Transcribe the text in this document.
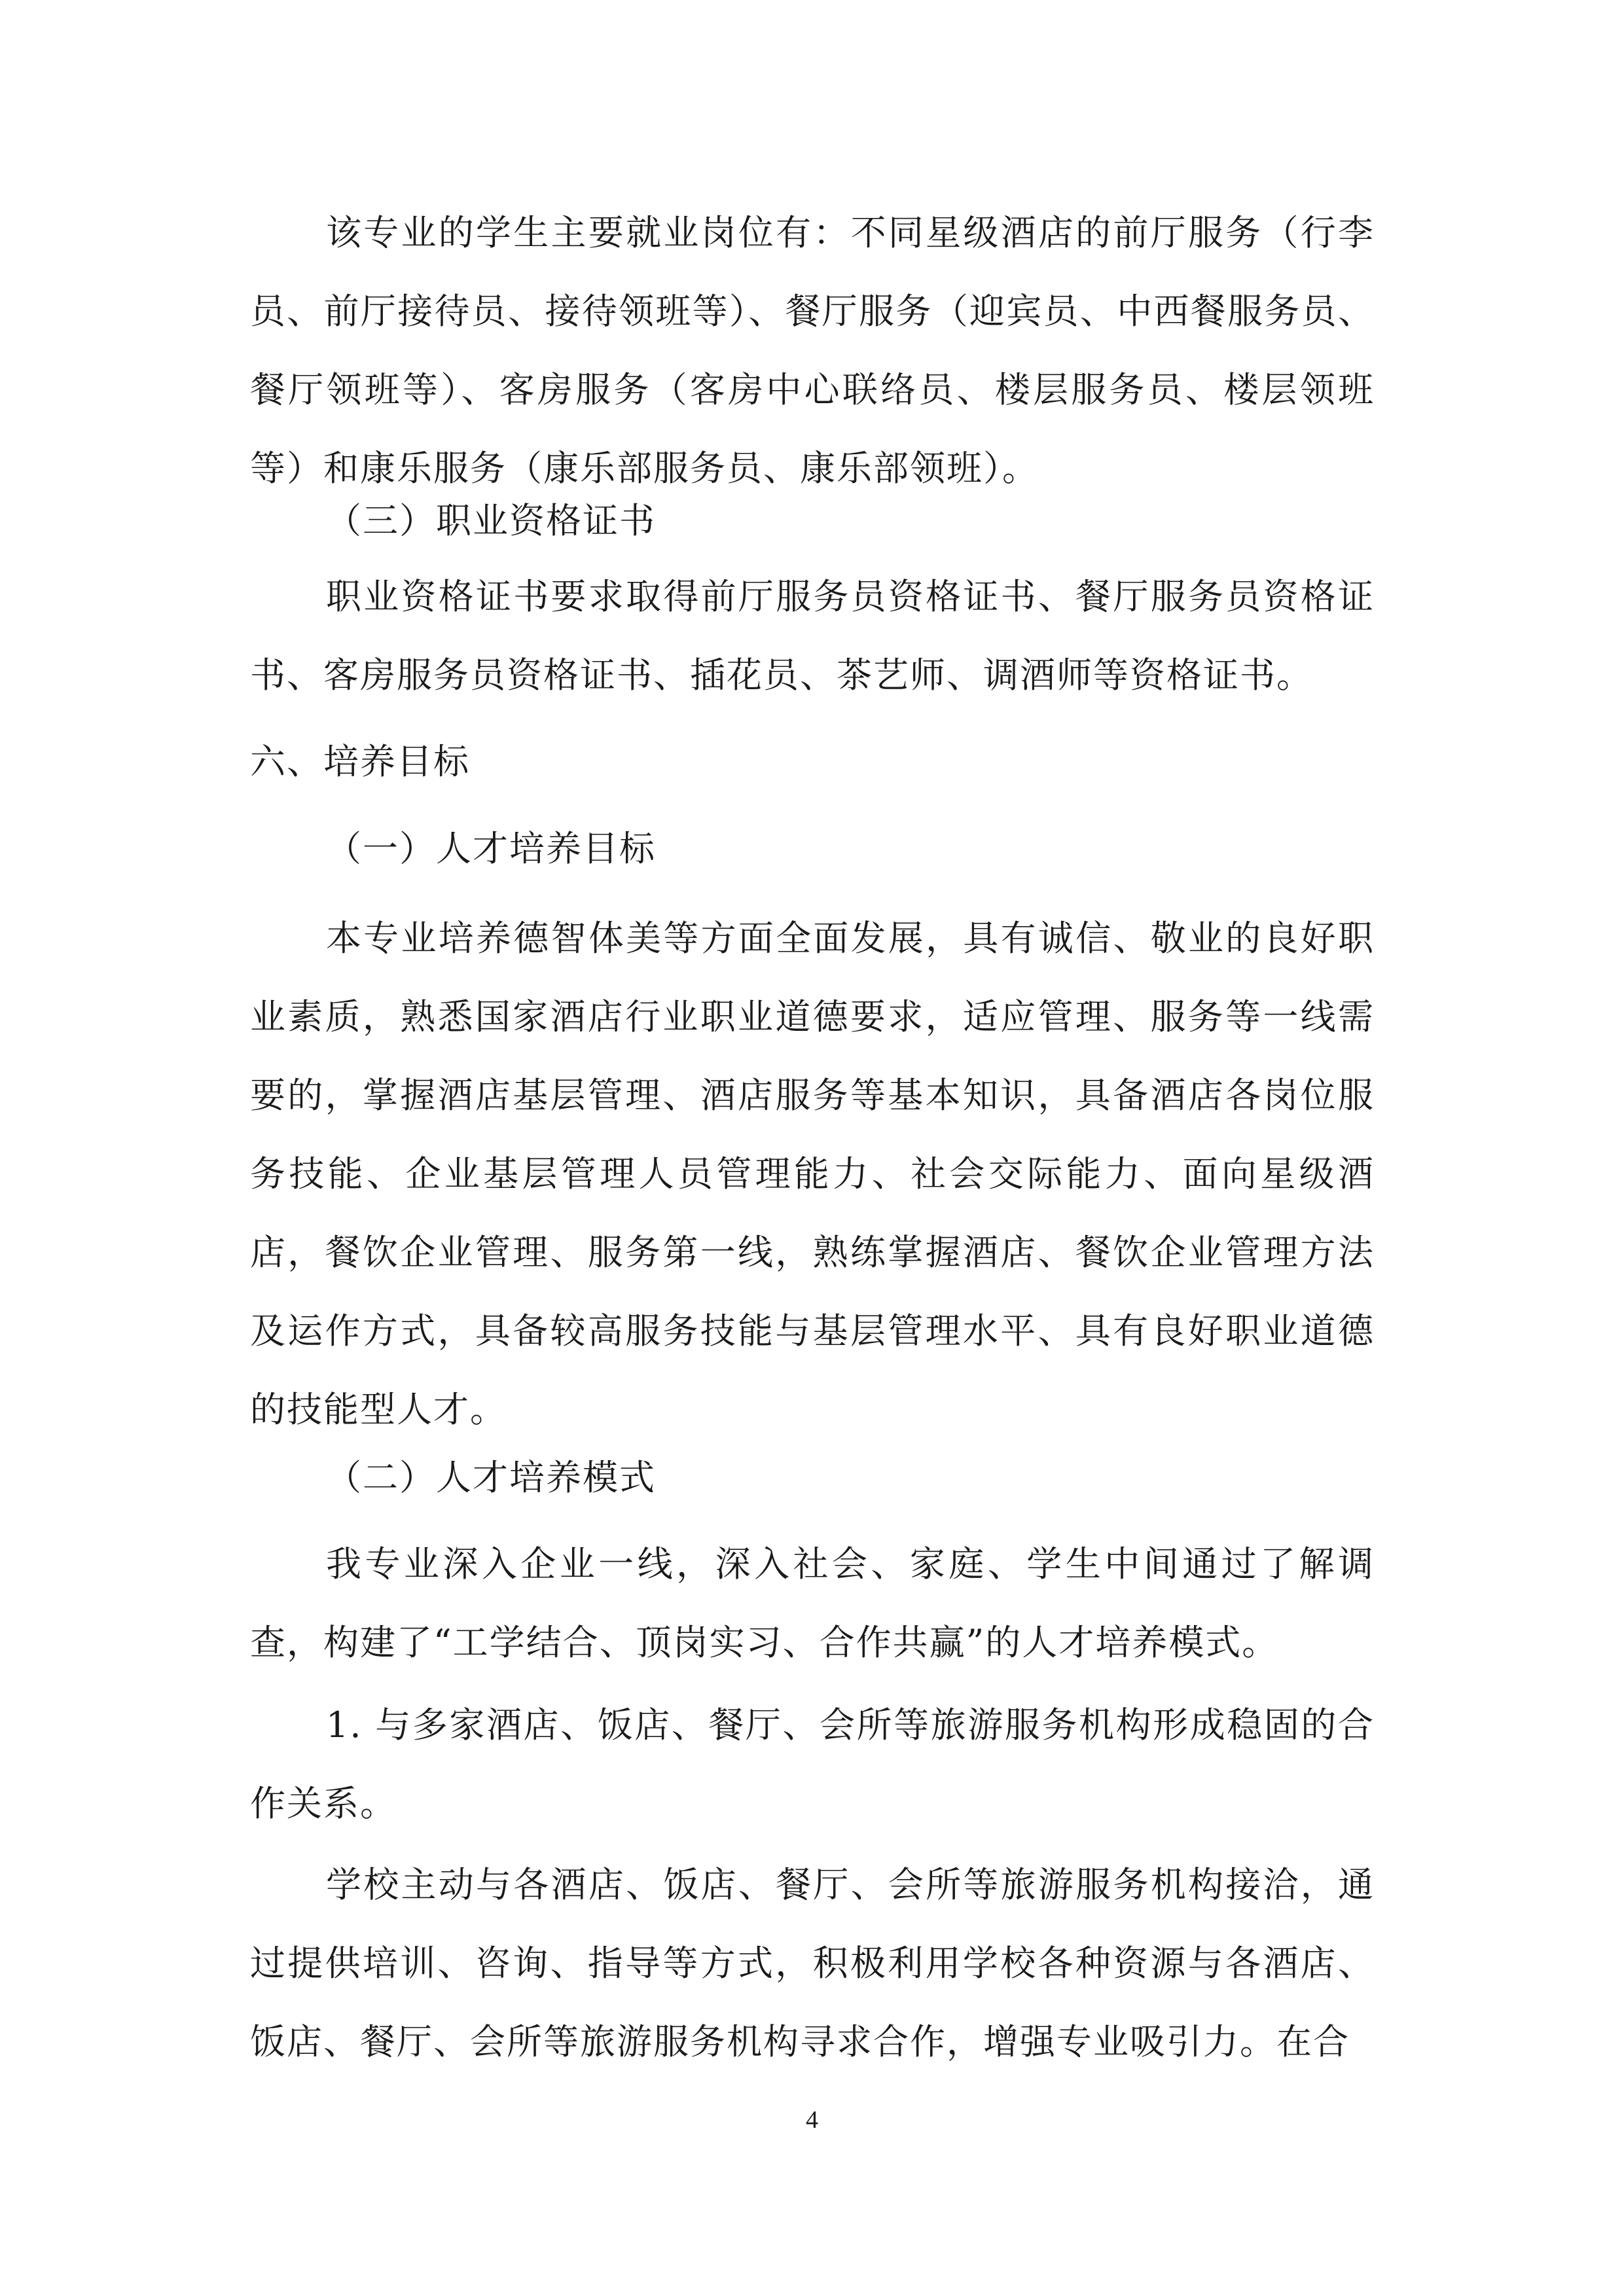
该专业的学生主要就业岗位有：不同星级酒店的前厅服务（行李员、前厅接待员、接待领班等）、餐厅服务（迎宾员、中西餐服务员、餐厅领班等）、客房服务（客房中心联络员、楼层服务员、楼层领班等）和康乐服务（康乐部服务员、康乐部领班）。

（三）职业资格证书

职业资格证书要求取得前厅服务员资格证书、餐厅服务员资格证书、客房服务员资格证书、插花员、茶艺师、调酒师等资格证书。

六、培养目标

（一）人才培养目标

本专业培养德智体美等方面全面发展，具有诚信、敬业的良好职业素质，熟悉国家酒店行业职业道德要求，适应管理、服务等一线需要的，掌握酒店基层管理、酒店服务等基本知识，具备酒店各岗位服务技能、企业基层管理人员管理能力、社会交际能力、面向星级酒店，餐饮企业管理、服务第一线，熟练掌握酒店、餐饮企业管理方法及运作方式，具备较高服务技能与基层管理水平、具有良好职业道德的技能型人才。

（二）人才培养模式

我专业深入企业一线，深入社会、家庭、学生中间通过了解调查，构建了“工学结合、顶岗实习、合作共赢”的人才培养模式。

1. 与多家酒店、饭店、餐厅、会所等旅游服务机构形成稳固的合作关系。

学校主动与各酒店、饭店、餐厅、会所等旅游服务机构接洽，通过提供培训、咨询、指导等方式，积极利用学校各种资源与各酒店、饭店、餐厅、会所等旅游服务机构寻求合作，增强专业吸引力。在合

4
